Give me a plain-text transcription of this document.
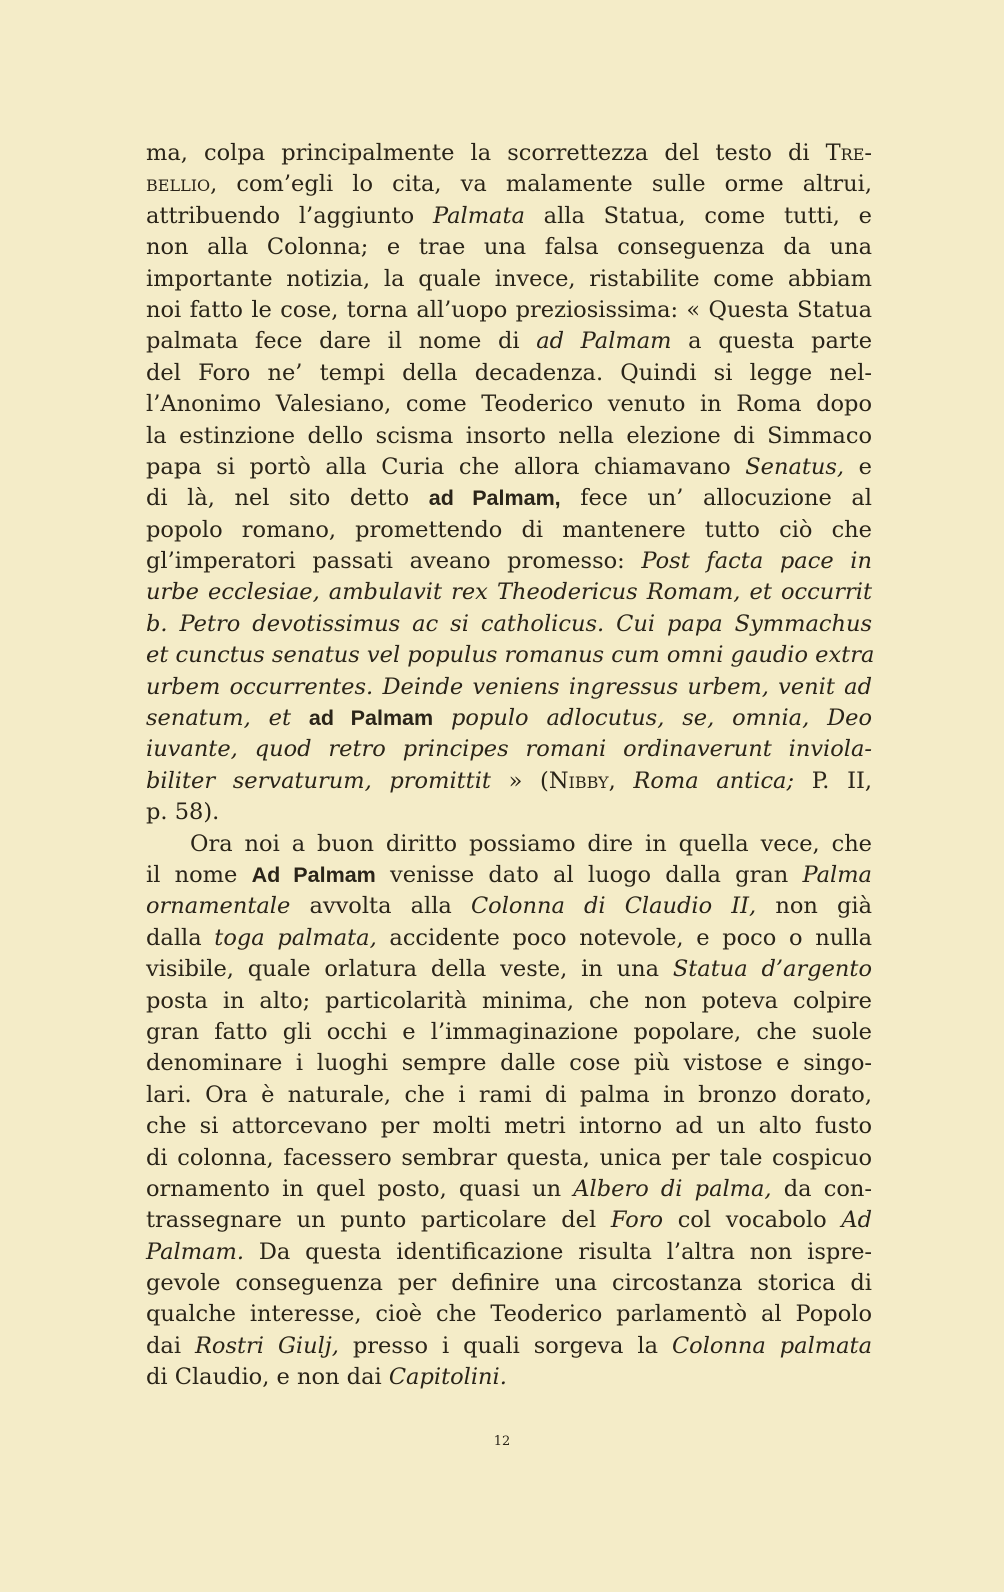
ma, colpa principalmente la scorrettezza del testo di Tre-
bellio, com’egli lo cita, va malamente sulle orme altrui,
attribuendo l’aggiunto Palmata alla Statua, come tutti, e
non alla Colonna; e trae una falsa conseguenza da una
importante notizia, la quale invece, ristabilite come abbiam
noi fatto le cose, torna all’uopo preziosissima: « Questa Statua
palmata fece dare il nome di ad Palmam a questa parte
del Foro ne’ tempi della decadenza. Quindi si legge nel-
l’Anonimo Valesiano, come Teoderico venuto in Roma dopo
la estinzione dello scisma insorto nella elezione di Simmaco
papa si portò alla Curia che allora chiamavano Senatus, e
di là, nel sito detto ad Palmam, fece un’ allocuzione al
popolo romano, promettendo di mantenere tutto ciò che
gl’imperatori passati aveano promesso: Post facta pace in
urbe ecclesiae, ambulavit rex Theodericus Romam, et occurrit
b. Petro devotissimus ac si catholicus. Cui papa Symmachus
et cunctus senatus vel populus romanus cum omni gaudio extra
urbem occurrentes. Deinde veniens ingressus urbem, venit ad
senatum, et ad Palmam populo adlocutus, se, omnia, Deo
iuvante, quod retro principes romani ordinaverunt inviola-
biliter servaturum, promittit » (Nibby, Roma antica; P. II,
p. 58).
Ora noi a buon diritto possiamo dire in quella vece, che
il nome Ad Palmam venisse dato al luogo dalla gran Palma
ornamentale avvolta alla Colonna di Claudio II, non già
dalla toga palmata, accidente poco notevole, e poco o nulla
visibile, quale orlatura della veste, in una Statua d’argento
posta in alto; particolarità minima, che non poteva colpire
gran fatto gli occhi e l’immaginazione popolare, che suole
denominare i luoghi sempre dalle cose più vistose e singo-
lari. Ora è naturale, che i rami di palma in bronzo dorato,
che si attorcevano per molti metri intorno ad un alto fusto
di colonna, facessero sembrar questa, unica per tale cospicuo
ornamento in quel posto, quasi un Albero di palma, da con-
trassegnare un punto particolare del Foro col vocabolo Ad
Palmam. Da questa identificazione risulta l’altra non ispre-
gevole conseguenza per definire una circostanza storica di
qualche interesse, cioè che Teoderico parlamentò al Popolo
dai Rostri Giulj, presso i quali sorgeva la Colonna palmata
di Claudio, e non dai Capitolini.
12
